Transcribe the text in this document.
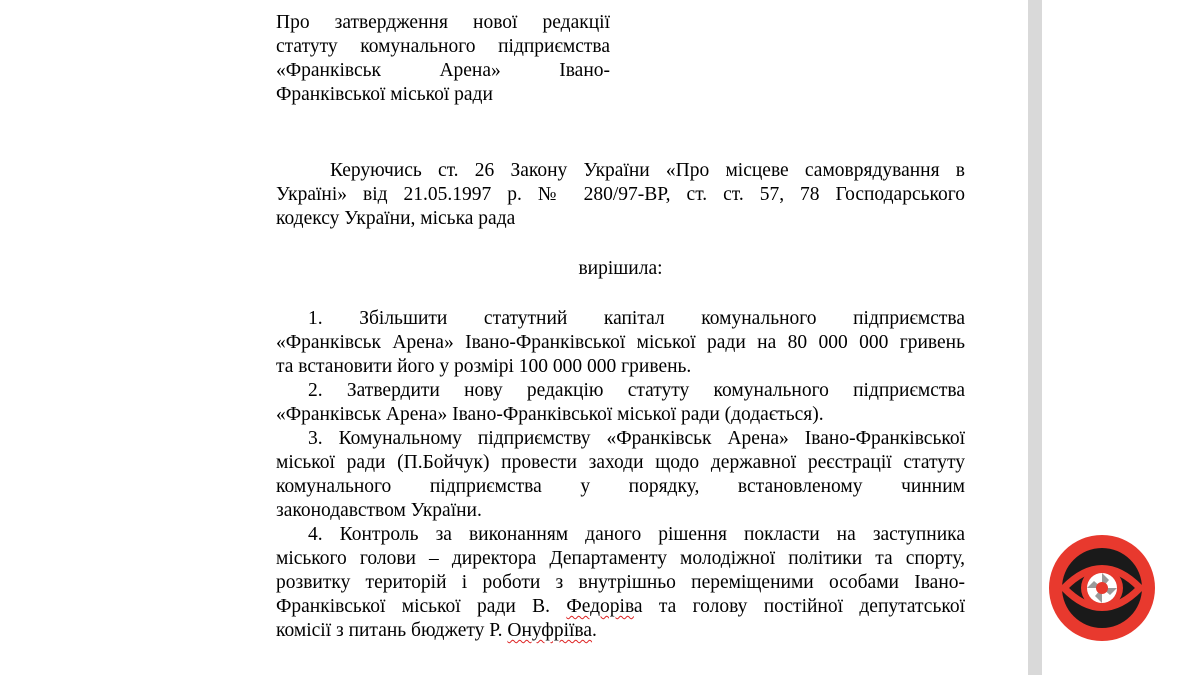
Про затвердження нової редакції
статуту комунального підприємства
«Франківськ Арена» Івано-
Франківської міської ради
Керуючись ст. 26 Закону України «Про місцеве самоврядування в
Україні» від 21.05.1997 р. № 280/97-ВР, ст. ст. 57, 78 Господарського
кодексу України, міська рада
вирішила:
1. Збільшити статутний капітал комунального підприємства
«Франківськ Арена» Івано-Франківської міської ради на 80 000 000 гривень
та встановити його у розмірі 100 000 000 гривень.
2. Затвердити нову редакцію статуту комунального підприємства
«Франківськ Арена» Івано-Франківської міської ради (додається).
3. Комунальному підприємству «Франківськ Арена» Івано-Франківської
міської ради (П.Бойчук) провести заходи щодо державної реєстрації статуту
комунального підприємства у порядку, встановленому чинним
законодавством України.
4. Контроль за виконанням даного рішення покласти на заступника
міського голови – директора Департаменту молодіжної політики та спорту,
розвитку територій і роботи з внутрішньо переміщеними особами Івано-
Франківської міської ради В. Федоріва та голову постійної депутатської
комісії з питань бюджету Р. Онуфріїва.
